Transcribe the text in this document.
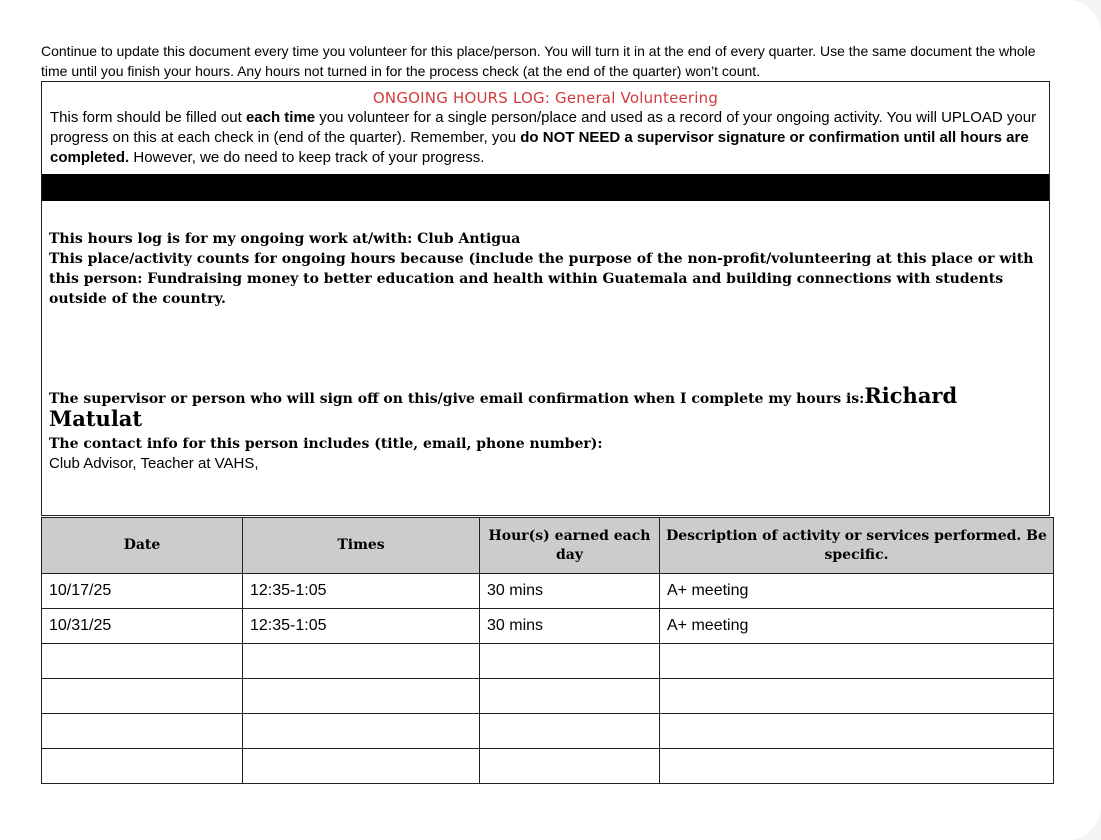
Continue to update this document every time you volunteer for this place/person. You will turn it in at the end of every quarter. Use the same document the whole time until you finish your hours. Any hours not turned in for the process check (at the end of the quarter) won’t count.
ONGOING HOURS LOG: General Volunteering
This form should be filled out each time you volunteer for a single person/place and used as a record of your ongoing activity. You will UPLOAD your progress on this at each check in (end of the quarter). Remember, you do NOT NEED a supervisor signature or confirmation until all hours are completed. However, we do need to keep track of your progress.
This hours log is for my ongoing work at/with: Club Antigua
This place/activity counts for ongoing hours because (include the purpose of the non-profit/volunteering at this place or with this person: Fundraising money to better education and health within Guatemala and building connections with students outside of the country.
The supervisor or person who will sign off on this/give email confirmation when I complete my hours is:Richard Matulat
The contact info for this person includes (title, email, phone number):
Club Advisor, Teacher at VAHS,
Date	Times	Hour(s) earned each day	Description of activity or services performed. Be specific.
10/17/25	12:35-1:05	30 mins	A+ meeting
10/31/25	12:35-1:05	30 mins	A+ meeting
